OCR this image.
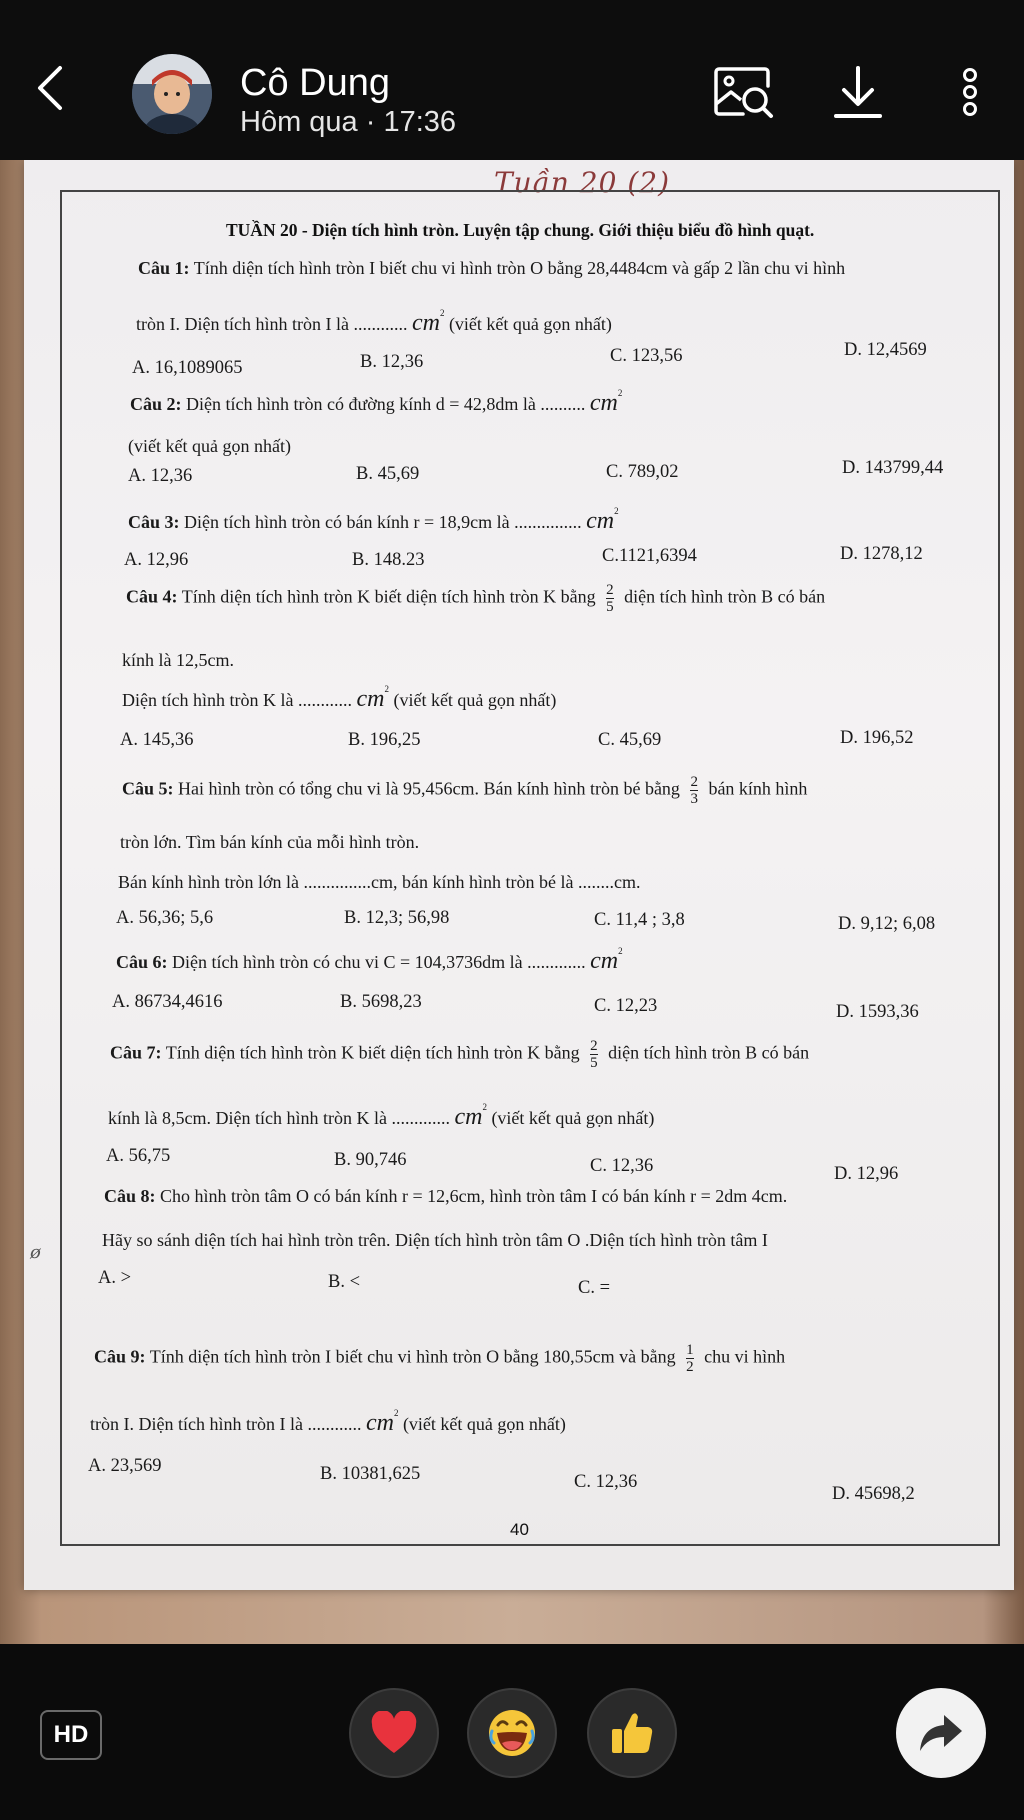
Cô Dung
Hôm qua · 17:36
Tuần 20 (2)
ø
TUẦN 20 - Diện tích hình tròn. Luyện tập chung. Giới thiệu biểu đồ hình quạt.
Câu 1: Tính diện tích hình tròn I biết chu vi hình tròn O bằng 28,4484cm và gấp 2 lần chu vi hình
tròn I. Diện tích hình tròn I là ............ $cm^2$ (viết kết quả gọn nhất)
A. 16,1089065	B. 12,36	C. 123,56	D. 12,4569
Câu 2: Diện tích hình tròn có đường kính d = 42,8dm là .......... $cm^2$
(viết kết quả gọn nhất)
A. 12,36	B. 45,69	C. 789,02	D. 143799,44
Câu 3: Diện tích hình tròn có bán kính r = 18,9cm là ............... $cm^2$
A. 12,96	B. 148.23	C.1121,6394	D. 1278,12
Câu 4: Tính diện tích hình tròn K biết diện tích hình tròn K bằng $\frac{2}{5}$ diện tích hình tròn B có bán
kính là 12,5cm.
Diện tích hình tròn K là ............ $cm^2$ (viết kết quả gọn nhất)
A. 145,36	B. 196,25	C. 45,69	D. 196,52
Câu 5: Hai hình tròn có tổng chu vi là 95,456cm. Bán kính hình tròn bé bằng $\frac{2}{3}$ bán kính hình
tròn lớn. Tìm bán kính của mỗi hình tròn.
Bán kính hình tròn lớn là ...............cm, bán kính hình tròn bé là ........cm.
A. 56,36; 5,6	B. 12,3; 56,98	C. 11,4 ; 3,8	D. 9,12; 6,08
Câu 6: Diện tích hình tròn có chu vi C = 104,3736dm là ............. $cm^2$
A. 86734,4616	B. 5698,23	C. 12,23	D. 1593,36
Câu 7: Tính diện tích hình tròn K biết diện tích hình tròn K bằng $\frac{2}{5}$ diện tích hình tròn B có bán
kính là 8,5cm. Diện tích hình tròn K là ............. $cm^2$ (viết kết quả gọn nhất)
A. 56,75	B. 90,746	C. 12,36	D. 12,96
Câu 8: Cho hình tròn tâm O có bán kính r = 12,6cm, hình tròn tâm I có bán kính r = 2dm 4cm.
Hãy so sánh diện tích hai hình tròn trên. Diện tích hình tròn tâm O .Diện tích hình tròn tâm I
A. >	B. <	C. =
Câu 9: Tính diện tích hình tròn I biết chu vi hình tròn O bằng 180,55cm và bằng $\frac{1}{2}$ chu vi hình
tròn I. Diện tích hình tròn I là ............ $cm^2$ (viết kết quả gọn nhất)
A. 23,569	B. 10381,625	C. 12,36
D. 45698,2
40
HD
